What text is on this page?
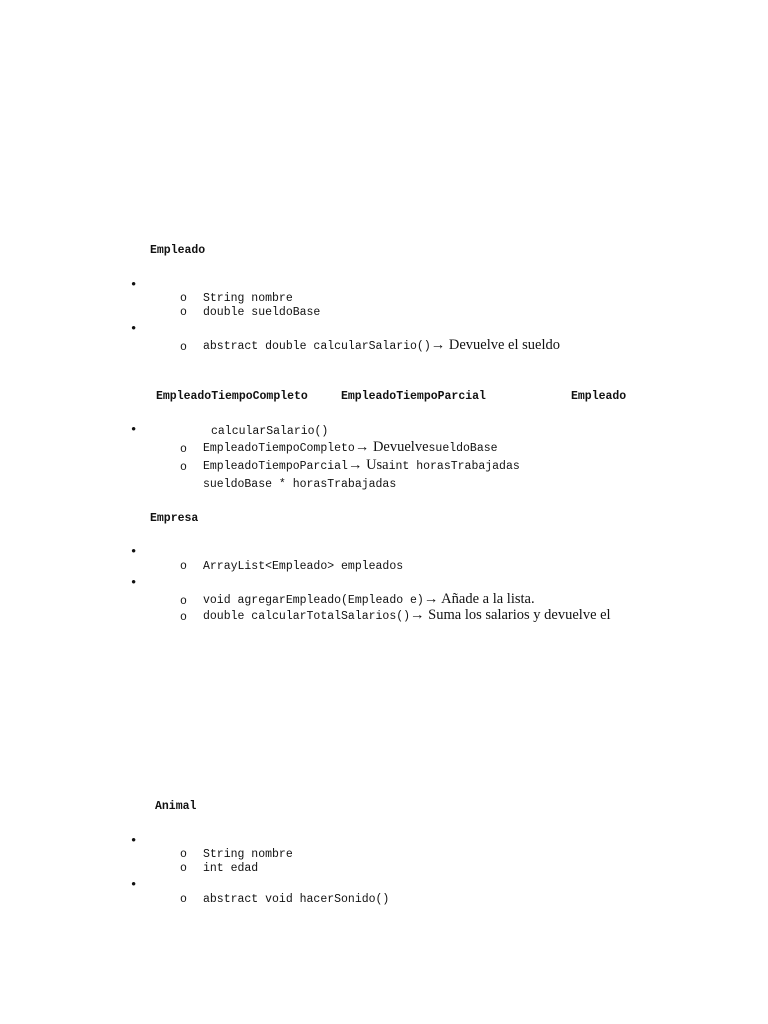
Empleado
•
o String nombre
o double sueldoBase
•
o abstract double calcularSalario() → Devuelve el sueldo
EmpleadoTiempoCompleto	EmpleadoTiempoParcial	Empleado
•	calcularSalario()
o EmpleadoTiempoCompleto → Devuelve sueldoBase
o EmpleadoTiempoParcial → Usa int horasTrabajadas
sueldoBase * horasTrabajadas
Empresa
•
o ArrayList<Empleado> empleados
•
o void agregarEmpleado(Empleado e) → Añade a la lista.
o double calcularTotalSalarios() → Suma los salarios y devuelve el
Animal
•
o String nombre
o int edad
•
o abstract void hacerSonido()
